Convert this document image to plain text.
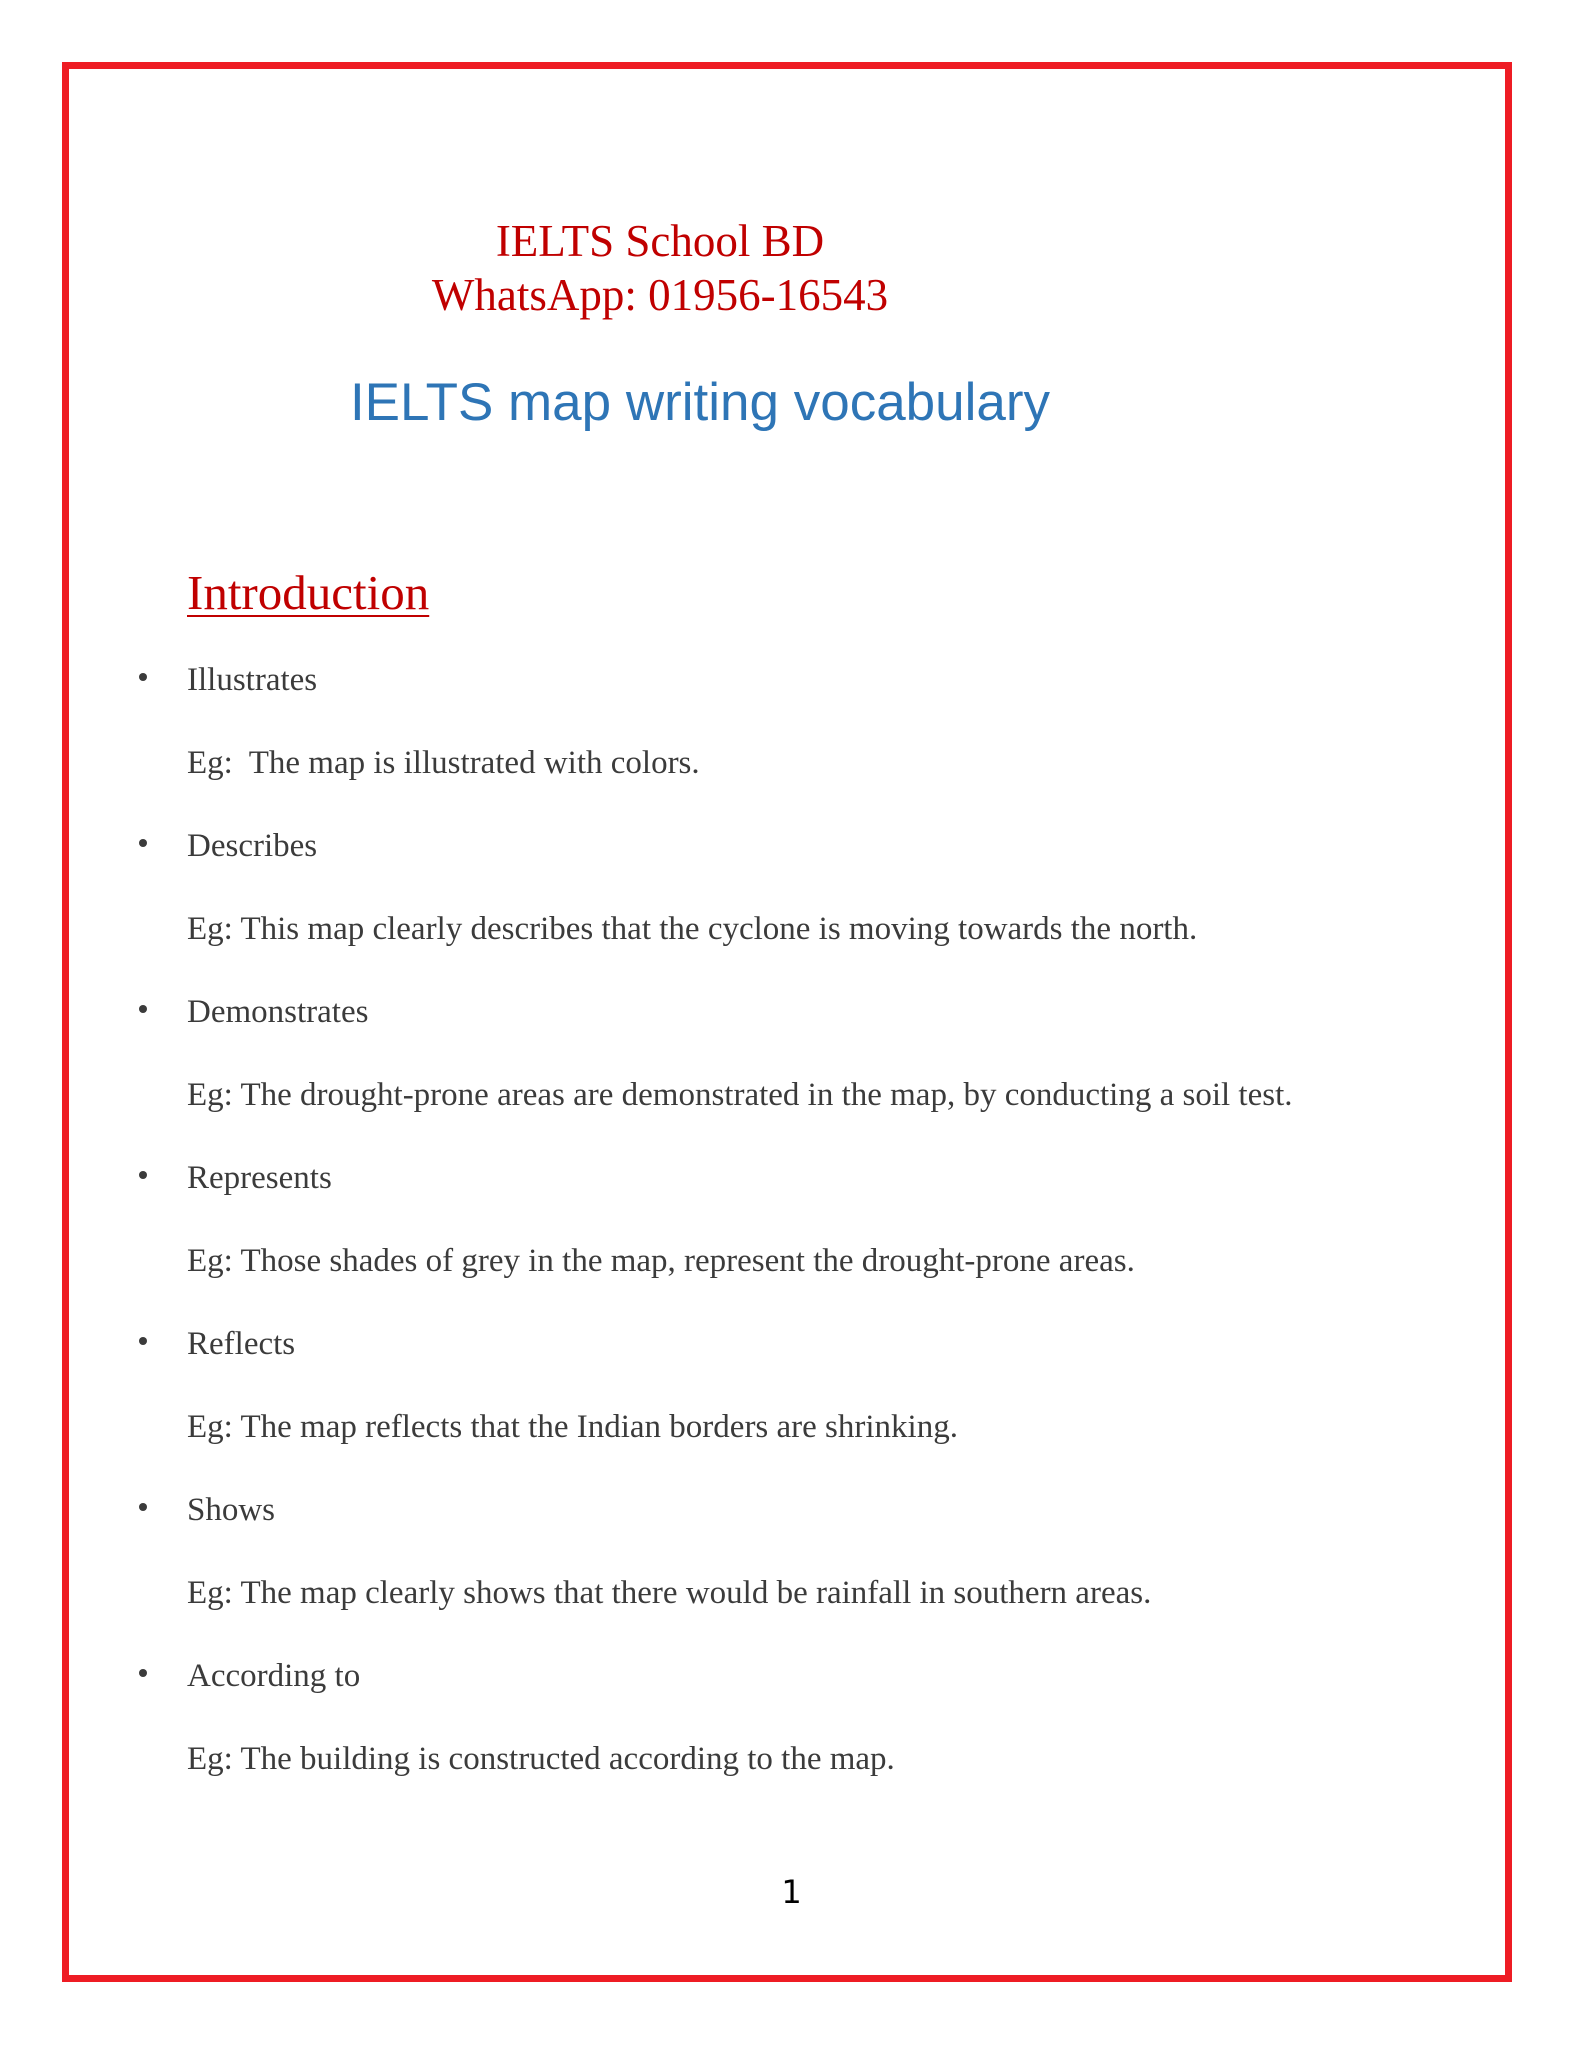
IELTS School BD
WhatsApp: 01956-16543
IELTS map writing vocabulary
Introduction
Illustrates
Eg:  The map is illustrated with colors.
Describes
Eg: This map clearly describes that the cyclone is moving towards the north.
Demonstrates
Eg: The drought-prone areas are demonstrated in the map, by conducting a soil test.
Represents
Eg: Those shades of grey in the map, represent the drought-prone areas.
Reflects
Eg: The map reflects that the Indian borders are shrinking.
Shows
Eg: The map clearly shows that there would be rainfall in southern areas.
According to
Eg: The building is constructed according to the map.
1
